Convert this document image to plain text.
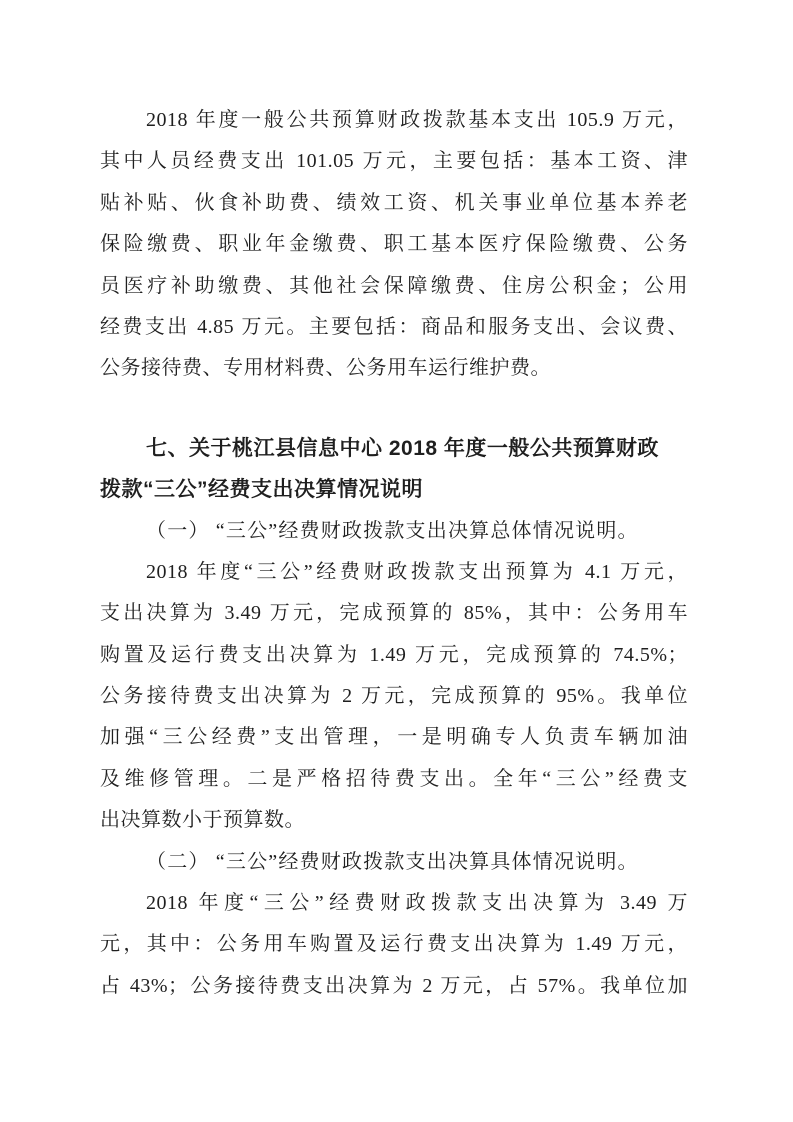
2018 年度一般公共预算财政拨款基本支出 105.9 万元，
其中人员经费支出 101.05 万元，主要包括：基本工资、津
贴补贴、伙食补助费、绩效工资、机关事业单位基本养老
保险缴费、职业年金缴费、职工基本医疗保险缴费、公务
员医疗补助缴费、其他社会保障缴费、住房公积金；公用
经费支出 4.85 万元。主要包括：商品和服务支出、会议费、
公务接待费、专用材料费、公务用车运行维护费。
七、关于桃江县信息中心 2018 年度一般公共预算财政
拨款“三公”经费支出决算情况说明
（一） “三公”经费财政拨款支出决算总体情况说明。
2018 年度“三公”经费财政拨款支出预算为 4.1 万元，
支出决算为 3.49 万元，完成预算的 85%，其中：公务用车
购置及运行费支出决算为 1.49 万元，完成预算的 74.5%；
公务接待费支出决算为 2 万元，完成预算的 95%。我单位
加强“三公经费”支出管理，一是明确专人负责车辆加油
及维修管理。二是严格招待费支出。全年“三公”经费支
出决算数小于预算数。
（二） “三公”经费财政拨款支出决算具体情况说明。
2018 年度“三公”经费财政拨款支出决算为 3.49 万
元，其中：公务用车购置及运行费支出决算为 1.49 万元，
占 43%；公务接待费支出决算为 2 万元，占 57%。我单位加
